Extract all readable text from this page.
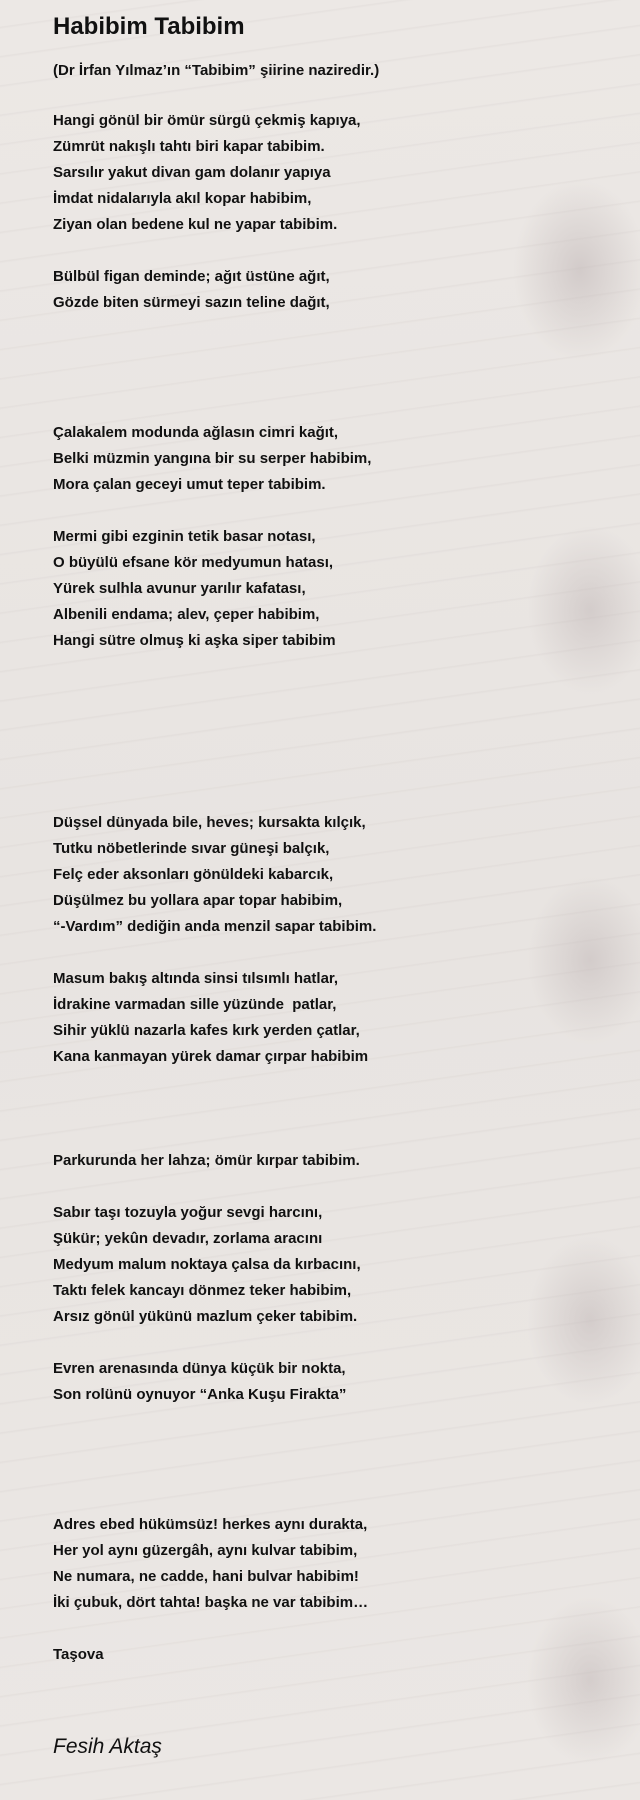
Habibim Tabibim
(Dr İrfan Yılmaz’ın “Tabibim” şiirine naziredir.)
Hangi gönül bir ömür sürgü çekmiş kapıya,
Zümrüt nakışlı tahtı biri kapar tabibim.
Sarsılır yakut divan gam dolanır yapıya
İmdat nidalarıyla akıl kopar habibim,
Ziyan olan bedene kul ne yapar tabibim.
Bülbül figan deminde; ağıt üstüne ağıt,
Gözde biten sürmeyi sazın teline dağıt,
Çalakalem modunda ağlasın cimri kağıt,
Belki müzmin yangına bir su serper habibim,
Mora çalan geceyi umut teper tabibim.
Mermi gibi ezginin tetik basar notası,
O büyülü efsane kör medyumun hatası,
Yürek sulhla avunur yarılır kafatası,
Albenili endama; alev, çeper habibim,
Hangi sütre olmuş ki aşka siper tabibim
Düşsel dünyada bile, heves; kursakta kılçık,
Tutku nöbetlerinde sıvar güneşi balçık,
Felç eder aksonları gönüldeki kabarcık,
Düşülmez bu yollara apar topar habibim,
“-Vardım” dediğin anda menzil sapar tabibim.
Masum bakış altında sinsi tılsımlı hatlar,
İdrakine varmadan sille yüzünde  patlar,
Sihir yüklü nazarla kafes kırk yerden çatlar,
Kana kanmayan yürek damar çırpar habibim
Parkurunda her lahza; ömür kırpar tabibim.
Sabır taşı tozuyla yoğur sevgi harcını,
Şükür; yekûn devadır, zorlama aracını
Medyum malum noktaya çalsa da kırbacını,
Taktı felek kancayı dönmez teker habibim,
Arsız gönül yükünü mazlum çeker tabibim.
Evren arenasında dünya küçük bir nokta,
Son rolünü oynuyor “Anka Kuşu Firakta”
Adres ebed hükümsüz! herkes aynı durakta,
Her yol aynı güzergâh, aynı kulvar tabibim,
Ne numara, ne cadde, hani bulvar habibim!
İki çubuk, dört tahta! başka ne var tabibim…
Taşova
Fesih Aktaş
